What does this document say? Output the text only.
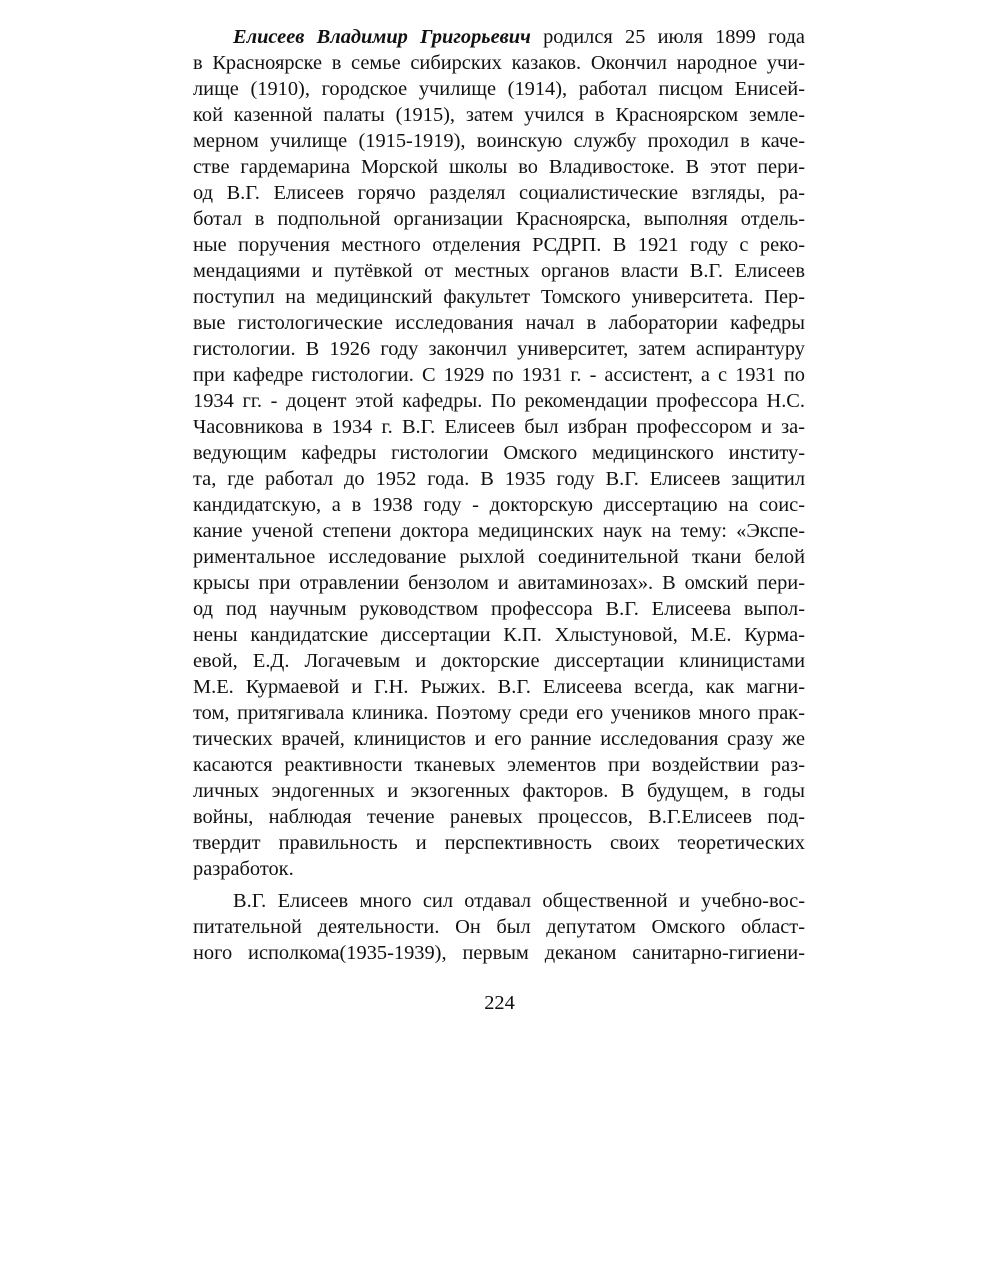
Елисеев Владимир Григорьевич родился 25 июля 1899 года
в Красноярске в семье сибирских казаков. Окончил народное учи-
лище (1910), городское училище (1914), работал писцом Енисей-
кой казенной палаты (1915), затем учился в Красноярском земле-
мерном училище (1915-1919), воинскую службу проходил в каче-
стве гардемарина Морской школы во Владивостоке. В этот пери-
од В.Г. Елисеев горячо разделял социалистические взгляды, ра-
ботал в подпольной организации Красноярска, выполняя отдель-
ные поручения местного отделения РСДРП. В 1921 году с реко-
мендациями и путёвкой от местных органов власти В.Г. Елисеев
поступил на медицинский факультет Томского университета. Пер-
вые гистологические исследования начал в лаборатории кафедры
гистологии. В 1926 году закончил университет, затем аспирантуру
при кафедре гистологии. С 1929 по 1931 г. - ассистент, а с 1931 по
1934 гг. - доцент этой кафедры. По рекомендации профессора Н.С.
Часовникова в 1934 г. В.Г. Елисеев был избран профессором и за-
ведующим кафедры гистологии Омского медицинского институ-
та, где работал до 1952 года. В 1935 году В.Г. Елисеев защитил
кандидатскую, а в 1938 году - докторскую диссертацию на соис-
кание ученой степени доктора медицинских наук на тему: «Экспе-
риментальное исследование рыхлой соединительной ткани белой
крысы при отравлении бензолом и авитаминозах». В омский пери-
од под научным руководством профессора В.Г. Елисеева выпол-
нены кандидатские диссертации К.П. Хлыстуновой, М.Е. Курма-
евой, Е.Д. Логачевым и докторские диссертации клиницистами
М.Е. Курмаевой и Г.Н. Рыжих. В.Г. Елисеева всегда, как магни-
том, притягивала клиника. Поэтому среди его учеников много прак-
тических врачей, клиницистов и его ранние исследования сразу же
касаются реактивности тканевых элементов при воздействии раз-
личных эндогенных и экзогенных факторов. В будущем, в годы
войны, наблюдая течение раневых процессов, В.Г.Елисеев под-
твердит правильность и перспективность своих теоретических
разработок.
В.Г. Елисеев много сил отдавал общественной и учебно-вос-
питательной деятельности. Он был депутатом Омского област-
ного исполкома(1935-1939), первым деканом санитарно-гигиени-
224
